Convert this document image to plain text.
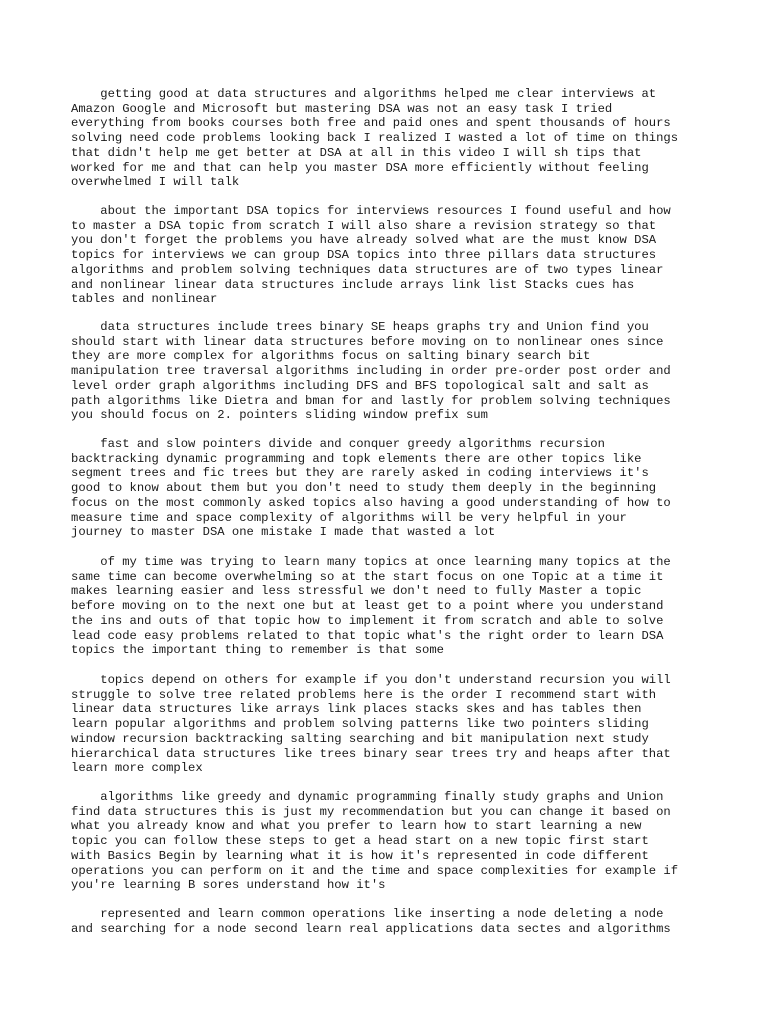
getting good at data structures and algorithms helped me clear interviews at
Amazon Google and Microsoft but mastering DSA was not an easy task I tried
everything from books courses both free and paid ones and spent thousands of hours
solving need code problems looking back I realized I wasted a lot of time on things
that didn't help me get better at DSA at all in this video I will sh tips that
worked for me and that can help you master DSA more efficiently without feeling
overwhelmed I will talk

about the important DSA topics for interviews resources I found useful and how
to master a DSA topic from scratch I will also share a revision strategy so that
you don't forget the problems you have already solved what are the must know DSA
topics for interviews we can group DSA topics into three pillars data structures
algorithms and problem solving techniques data structures are of two types linear
and nonlinear linear data structures include arrays link list Stacks cues has
tables and nonlinear

data structures include trees binary SE heaps graphs try and Union find you
should start with linear data structures before moving on to nonlinear ones since
they are more complex for algorithms focus on salting binary search bit
manipulation tree traversal algorithms including in order pre-order post order and
level order graph algorithms including DFS and BFS topological salt and salt as
path algorithms like Dietra and bman for and lastly for problem solving techniques
you should focus on 2. pointers sliding window prefix sum

fast and slow pointers divide and conquer greedy algorithms recursion
backtracking dynamic programming and topk elements there are other topics like
segment trees and fic trees but they are rarely asked in coding interviews it's
good to know about them but you don't need to study them deeply in the beginning
focus on the most commonly asked topics also having a good understanding of how to
measure time and space complexity of algorithms will be very helpful in your
journey to master DSA one mistake I made that wasted a lot

of my time was trying to learn many topics at once learning many topics at the
same time can become overwhelming so at the start focus on one Topic at a time it
makes learning easier and less stressful we don't need to fully Master a topic
before moving on to the next one but at least get to a point where you understand
the ins and outs of that topic how to implement it from scratch and able to solve
lead code easy problems related to that topic what's the right order to learn DSA
topics the important thing to remember is that some

topics depend on others for example if you don't understand recursion you will
struggle to solve tree related problems here is the order I recommend start with
linear data structures like arrays link places stacks skes and has tables then
learn popular algorithms and problem solving patterns like two pointers sliding
window recursion backtracking salting searching and bit manipulation next study
hierarchical data structures like trees binary sear trees try and heaps after that
learn more complex

algorithms like greedy and dynamic programming finally study graphs and Union
find data structures this is just my recommendation but you can change it based on
what you already know and what you prefer to learn how to start learning a new
topic you can follow these steps to get a head start on a new topic first start
with Basics Begin by learning what it is how it's represented in code different
operations you can perform on it and the time and space complexities for example if
you're learning B sores understand how it's

represented and learn common operations like inserting a node deleting a node
and searching for a node second learn real applications data sectes and algorithms
